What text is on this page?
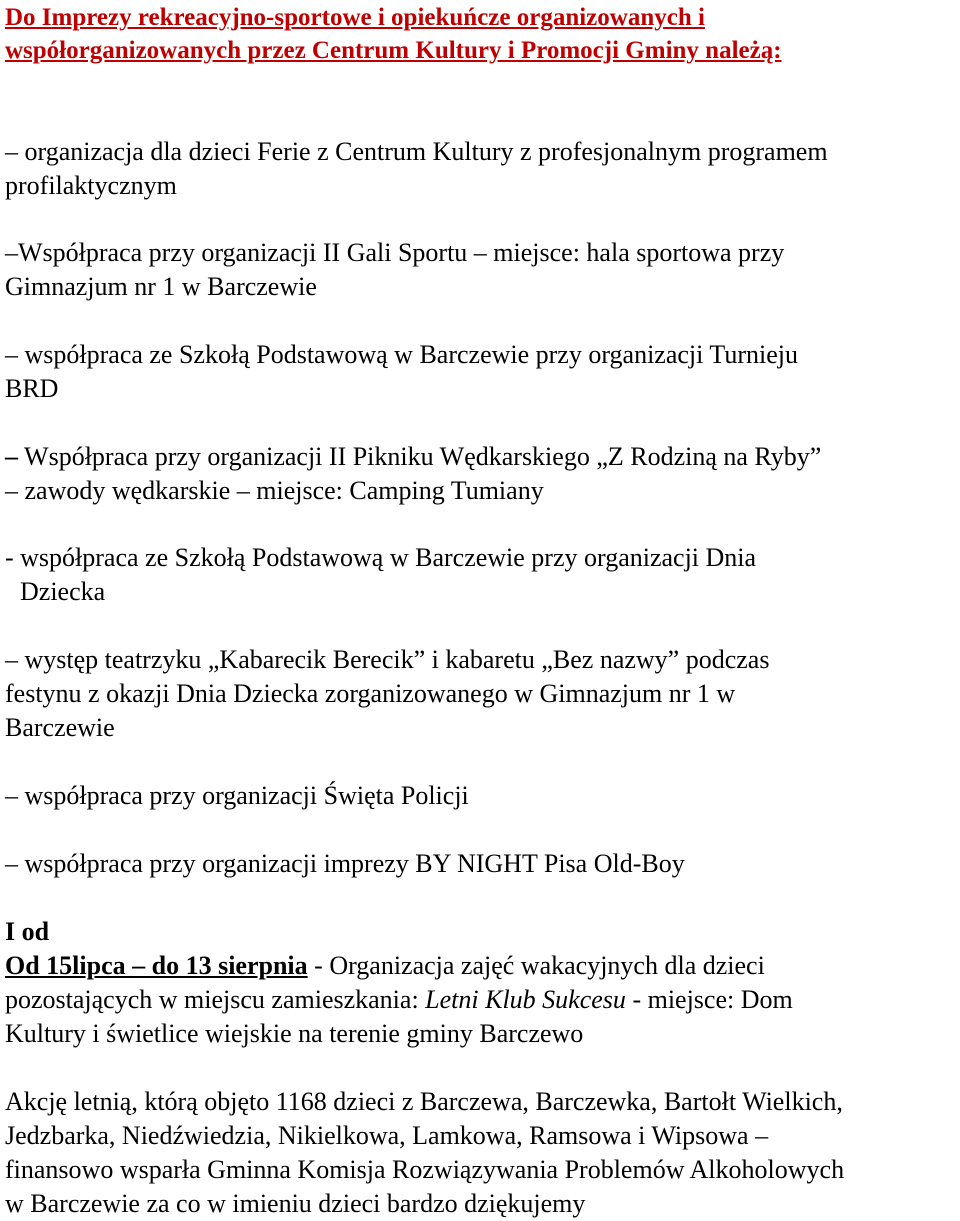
Do Imprezy rekreacyjno-sportowe i opiekuńcze organizowanych i
współorganizowanych przez Centrum Kultury i Promocji Gminy należą:
– organizacja dla dzieci Ferie z Centrum Kultury z profesjonalnym programem
profilaktycznym
–Współpraca przy organizacji II Gali Sportu – miejsce: hala sportowa przy
Gimnazjum nr 1 w Barczewie
– współpraca ze Szkołą Podstawową w Barczewie przy organizacji Turnieju
BRD
– Współpraca przy organizacji II Pikniku Wędkarskiego „Z Rodziną na Ryby”
– zawody wędkarskie – miejsce: Camping Tumiany
- współpraca ze Szkołą Podstawową w Barczewie przy organizacji Dnia
Dziecka
– występ teatrzyku „Kabarecik Berecik” i kabaretu „Bez nazwy” podczas
festynu z okazji Dnia Dziecka zorganizowanego w Gimnazjum nr 1 w
Barczewie
– współpraca przy organizacji Święta Policji
– współpraca przy organizacji imprezy BY NIGHT Pisa Old-Boy
I od
Od 15lipca – do 13 sierpnia - Organizacja zajęć wakacyjnych dla dzieci
pozostających w miejscu zamieszkania: Letni Klub Sukcesu - miejsce: Dom
Kultury i świetlice wiejskie na terenie gminy Barczewo
Akcję letnią, którą objęto 1168 dzieci z Barczewa, Barczewka, Bartołt Wielkich,
Jedzbarka, Niedźwiedzia, Nikielkowa, Lamkowa, Ramsowa i Wipsowa –
finansowo wsparła Gminna Komisja Rozwiązywania Problemów Alkoholowych
w Barczewie za co w imieniu dzieci bardzo dziękujemy
